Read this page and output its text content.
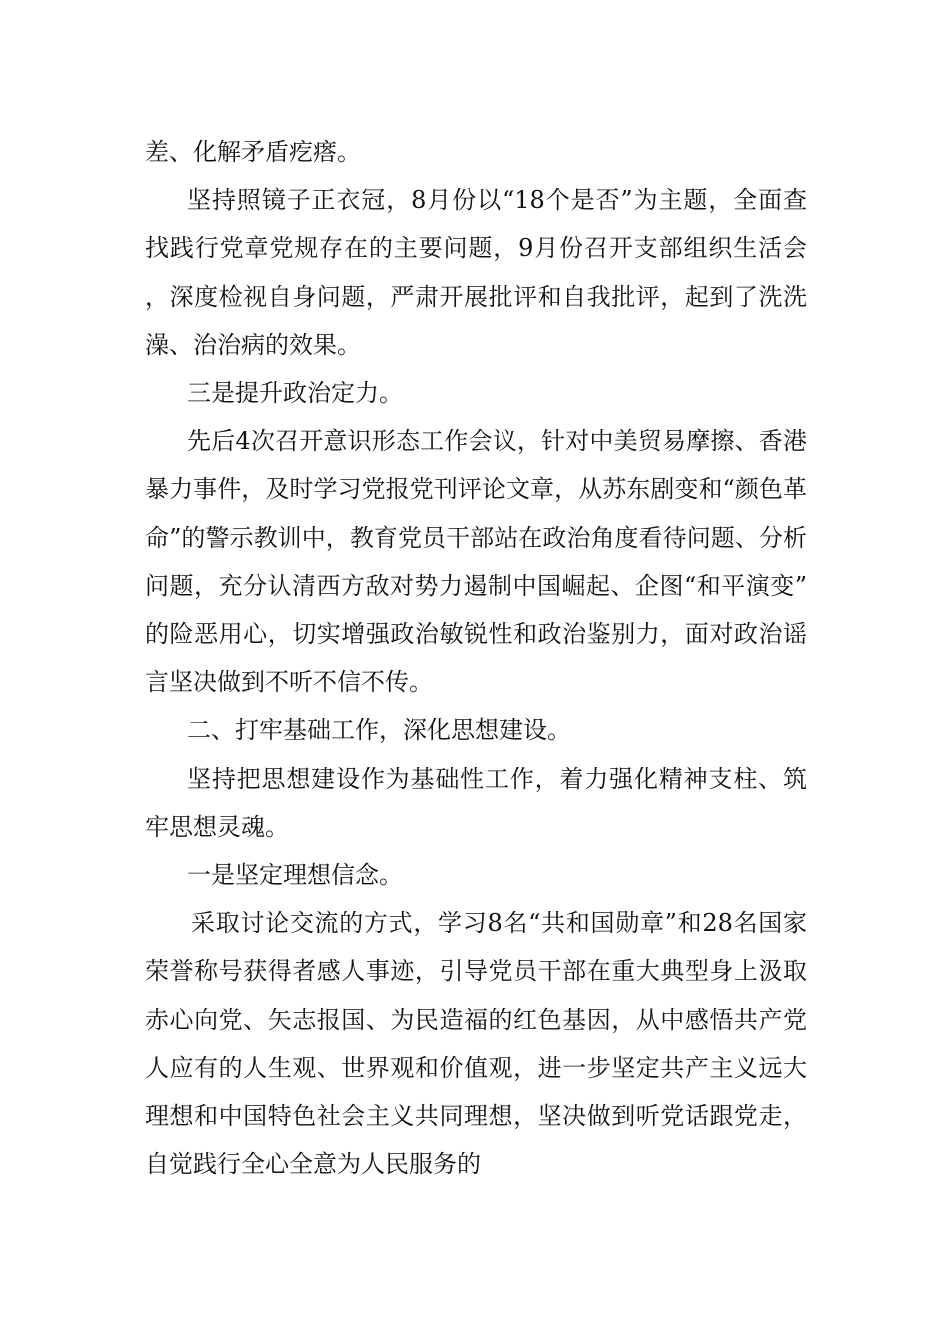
差、化解矛盾疙瘩。

坚持照镜子正衣冠，8月份以“18个是否”为主题，全面查找践行党章党规存在的主要问题，9月份召开支部组织生活会，深度检视自身问题，严肃开展批评和自我批评，起到了洗洗澡、治治病的效果。

三是提升政治定力。

先后4次召开意识形态工作会议，针对中美贸易摩擦、香港暴力事件，及时学习党报党刊评论文章，从苏东剧变和“颜色革命”的警示教训中，教育党员干部站在政治角度看待问题、分析问题，充分认清西方敌对势力遏制中国崛起、企图“和平演变”的险恶用心，切实增强政治敏锐性和政治鉴别力，面对政治谣言坚决做到不听不信不传。

二、打牢基础工作，深化思想建设。

坚持把思想建设作为基础性工作，着力强化精神支柱、筑牢思想灵魂。

一是坚定理想信念。

采取讨论交流的方式，学习8名“共和国勋章”和28名国家荣誉称号获得者感人事迹，引导党员干部在重大典型身上汲取赤心向党、矢志报国、为民造福的红色基因，从中感悟共产党人应有的人生观、世界观和价值观，进一步坚定共产主义远大理想和中国特色社会主义共同理想，坚决做到听党话跟党走，自觉践行全心全意为人民服务的
